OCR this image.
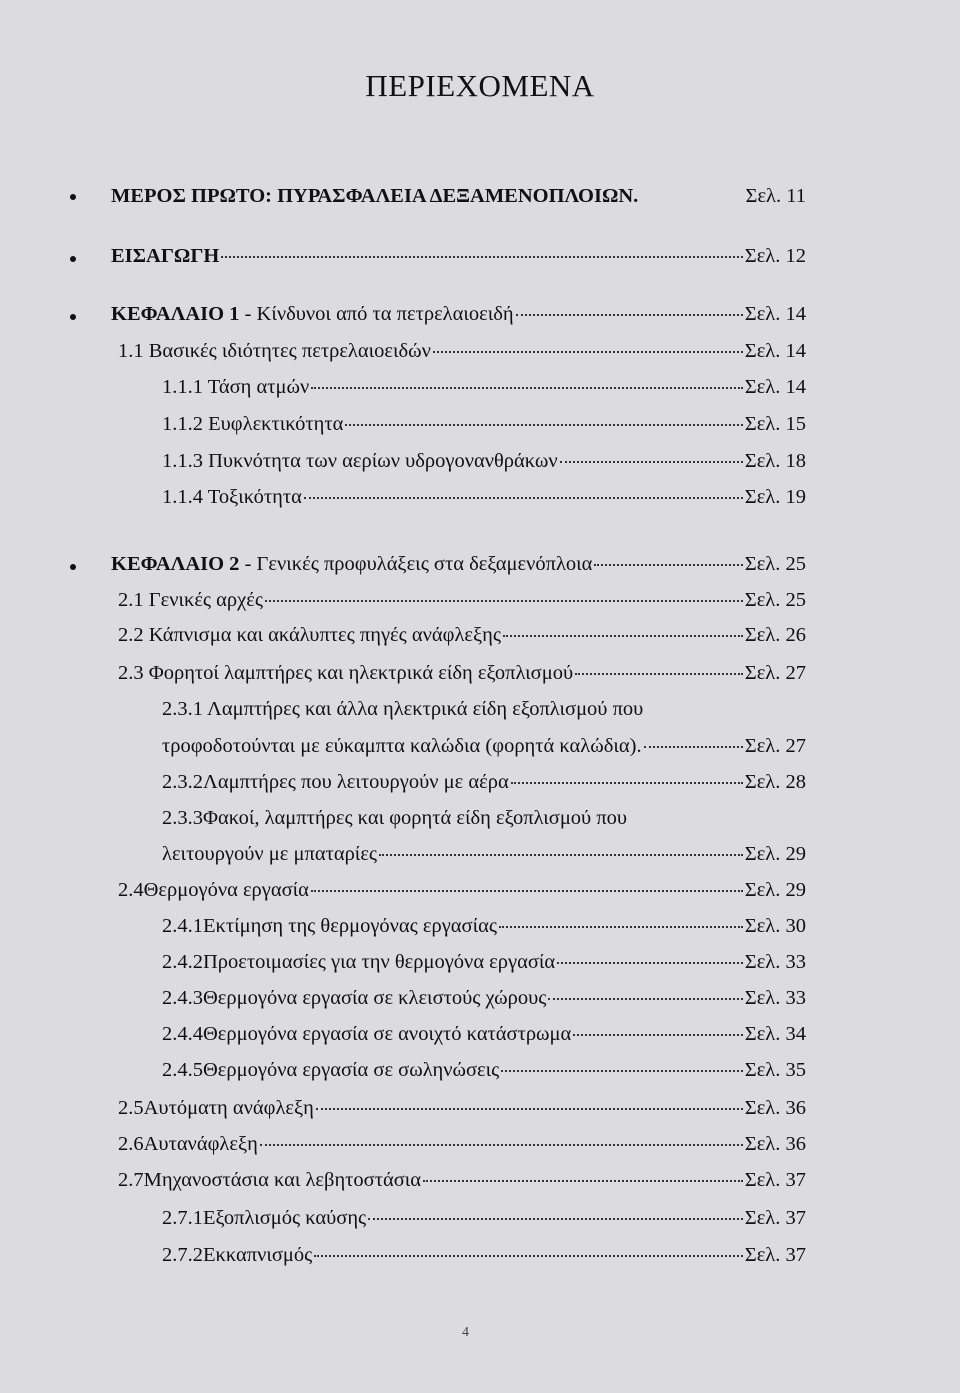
ΠΕΡΙΕΧΟΜΕΝΑ
ΜΕΡΟΣ ΠΡΩΤΟ: ΠΥΡΑΣΦΑΛΕΙΑ ΔΕΞΑΜΕΝΟΠΛΟΙΩΝ.	Σελ. 11
ΕΙΣΑΓΩΓΗ	Σελ. 12
ΚΕΦΑΛΑΙΟ 1 - Κίνδυνοι από τα πετρελαιοειδή	Σελ. 14
1.1 Βασικές ιδιότητες πετρελαιοειδών	Σελ. 14
1.1.1 Τάση ατμών	Σελ. 14
1.1.2 Ευφλεκτικότητα	Σελ. 15
1.1.3 Πυκνότητα των αερίων υδρογονανθράκων	Σελ. 18
1.1.4 Τοξικότητα	Σελ. 19
ΚΕΦΑΛΑΙΟ 2 - Γενικές προφυλάξεις στα δεξαμενόπλοια	Σελ. 25
2.1 Γενικές αρχές	Σελ. 25
2.2 Κάπνισμα και ακάλυπτες πηγές ανάφλεξης	Σελ. 26
2.3 Φορητοί λαμπτήρες και ηλεκτρικά είδη εξοπλισμού	Σελ. 27
2.3.1 Λαμπτήρες και άλλα ηλεκτρικά είδη εξοπλισμού που
τροφοδοτούνται με εύκαμπτα καλώδια (φορητά καλώδια).	Σελ. 27
2.3.2Λαμπτήρες που λειτουργούν με αέρα	Σελ. 28
2.3.3Φακοί, λαμπτήρες και φορητά είδη εξοπλισμού που
λειτουργούν με μπαταρίες	Σελ. 29
2.4Θερμογόνα εργασία	Σελ. 29
2.4.1Εκτίμηση της θερμογόνας εργασίας	Σελ. 30
2.4.2Προετοιμασίες για την θερμογόνα εργασία	Σελ. 33
2.4.3Θερμογόνα εργασία σε κλειστούς χώρους	Σελ. 33
2.4.4Θερμογόνα εργασία σε ανοιχτό κατάστρωμα	Σελ. 34
2.4.5Θερμογόνα εργασία σε σωληνώσεις	Σελ. 35
2.5Αυτόματη ανάφλεξη	Σελ. 36
2.6Αυτανάφλεξη	Σελ. 36
2.7Μηχανοστάσια και λεβητοστάσια	Σελ. 37
2.7.1Εξοπλισμός καύσης	Σελ. 37
2.7.2Εκκαπνισμός	Σελ. 37
4
